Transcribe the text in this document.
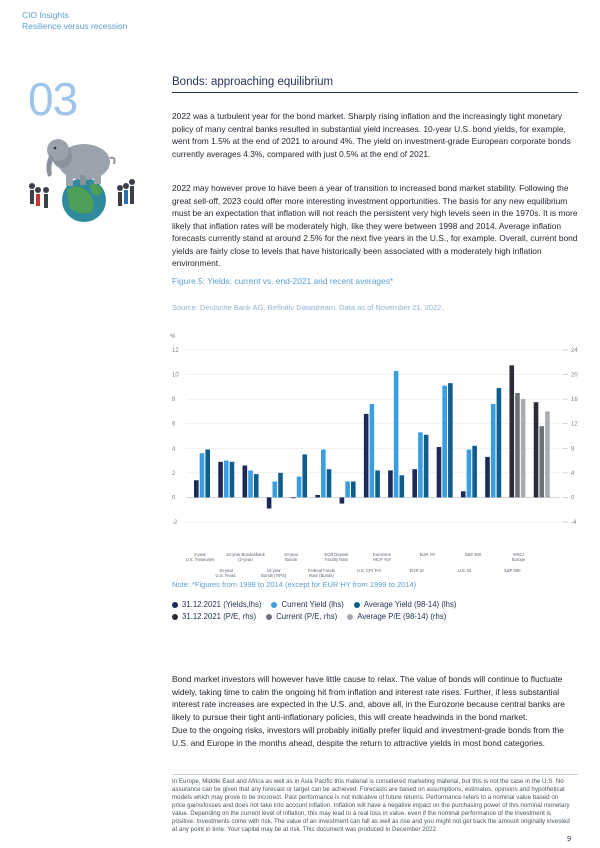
CIO Insights
Resilience versus recession
03	Bonds: approaching equilibrium

2022 was a turbulent year for the bond market. Sharply rising inflation and the increasingly tight monetary policy of many central banks resulted in substantial yield increases. 10-year U.S. bond yields, for example, went from 1.5% at the end of 2021 to around 4%. The yield on investment-grade European corporate bonds currently averages 4.3%, compared with just 0.5% at the end of 2021.

2022 may however prove to have been a year of transition to increased bond market stability. Following the great sell-off, 2023 could offer more interesting investment opportunities. The basis for any new equilibrium must be an expectation that inflation will not reach the persistent very high levels seen in the 1970s. It is more likely that inflation rates will be moderately high, like they were between 1998 and 2014. Average inflation forecasts currently stand at around 2.5% for the next five years in the U.S., for example. Overall, current bond yields are fairly close to levels that have historically been associated with a moderately high inflation environment.

Figure 5: Yields: current vs. end-2021 and recent averages*
Source: Deutsche Bank AG, Refinitiv Datastream. Data as of November 21, 2022.
%
12	24
10	20
8	16
6	12
4	8
2	4
0	0
-2	-4
2-year
U.S. Treasuries
10-year Bundesbank
(2-year)
10-year
Bunds
ECB Deposit
Facility Rate
Eurozone
HICP YoY
EUR HY	S&P 500	MSCI
Europe
10-year
U.S. Treas.
10-year
Bunds (TIPS)
Federal Funds
Rate (Bunds)
U.S. CPI YoY	EUR IG	U.S. IG	S&P 500
Note: *Figures from 1998 to 2014 (except for EUR HY from 1999 to 2014)
31.12.2021 (Yields,lhs)	Current Yield (lhs)	Average Yield (98-14) (lhs)
31.12.2021 (P/E, rhs)	Current (P/E, rhs)	Average P/E (98-14) (rhs)

Bond market investors will however have little cause to relax. The value of bonds will continue to fluctuate widely, taking time to calm the ongoing hit from inflation and interest rate rises. Further, if less substantial interest rate increases are expected in the U.S. and, above all, in the Eurozone because central banks are likely to pursue their tight anti-inflationary policies, this will create headwinds in the bond market.

Due to the ongoing risks, investors will probably initially prefer liquid and investment-grade bonds from the U.S. and Europe in the months ahead, despite the return to attractive yields in most bond categories.

In Europe, Middle East and Africa as well as in Asia Pacific this material is considered marketing material, but this is not the case in the U.S. No assurance can be given that any forecast or target can be achieved. Forecasts are based on assumptions, estimates, opinions and hypothetical models which may prove to be incorrect. Past performance is not indicative of future returns. Performance refers to a nominal value based on price gains/losses and does not take into account inflation. Inflation will have a negative impact on the purchasing power of this nominal monetary value. Depending on the current level of inflation, this may lead to a real loss in value, even if the nominal performance of the investment is positive. Investments come with risk. The value of an investment can fall as well as rise and you might not get back the amount originally invested at any point in time. Your capital may be at risk. This document was produced in December 2022.

9
